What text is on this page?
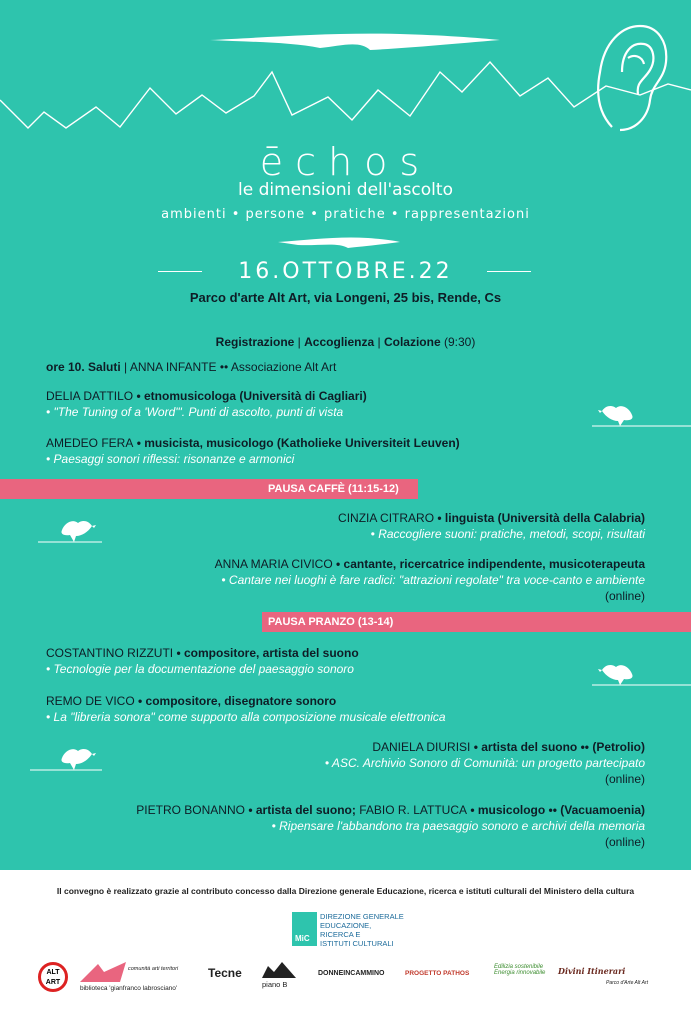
ēchos
le dimensioni dell'ascolto
ambienti • persone • pratiche • rappresentazioni
16.OTTOBRE.22
Parco d'arte Alt Art, via Longeni, 25 bis, Rende, Cs
Registrazione | Accoglienza | Colazione (9:30)
ore 10. Saluti | ANNA INFANTE •• Associazione Alt Art
DELIA DATTILO • etnomusicologa (Università di Cagliari)
• "The Tuning of a 'Word'". Punti di ascolto, punti di vista
AMEDEO FERA • musicista, musicologo (Katholieke Universiteit Leuven)
• Paesaggi sonori riflessi: risonanze e armonici
PAUSA CAFFÈ (11:15-12)
CINZIA CITRARO • linguista (Università della Calabria)
• Raccogliere suoni: pratiche, metodi, scopi, risultati
ANNA MARIA CIVICO • cantante, ricercatrice indipendente, musicoterapeuta
• Cantare nei luoghi è fare radici: "attrazioni regolate" tra voce-canto e ambiente
(online)
PAUSA PRANZO (13-14)
COSTANTINO RIZZUTI • compositore, artista del suono
• Tecnologie per la documentazione del paesaggio sonoro
REMO DE VICO • compositore, disegnatore sonoro
• La "libreria sonora" come supporto alla composizione musicale elettronica
DANIELA DIURISI • artista del suono •• (Petrolio)
• ASC. Archivio Sonoro di Comunità: un progetto partecipato
(online)
PIETRO BONANNO • artista del suono; FABIO R. LATTUCA • musicologo •• (Vacuamoenia)
• Ripensare l'abbandono tra paesaggio sonoro e archivi della memoria
(online)
Il convegno è realizzato grazie al contributo concesso dalla Direzione generale Educazione, ricerca e istituti culturali del Ministero della cultura
MiC
DIREZIONE GENERALE
EDUCAZIONE,
RICERCA E
ISTITUTI CULTURALI
ALT
ART
comunità arti territori
biblioteca 'gianfranco labrosciano'
Tecne
piano B
DONNEINCAMMINO	PROGETTO PATHOS
Edilizia sostenibile Energia rinnovabile	Divini Itinerari
Parco d'Arte Alt Art
